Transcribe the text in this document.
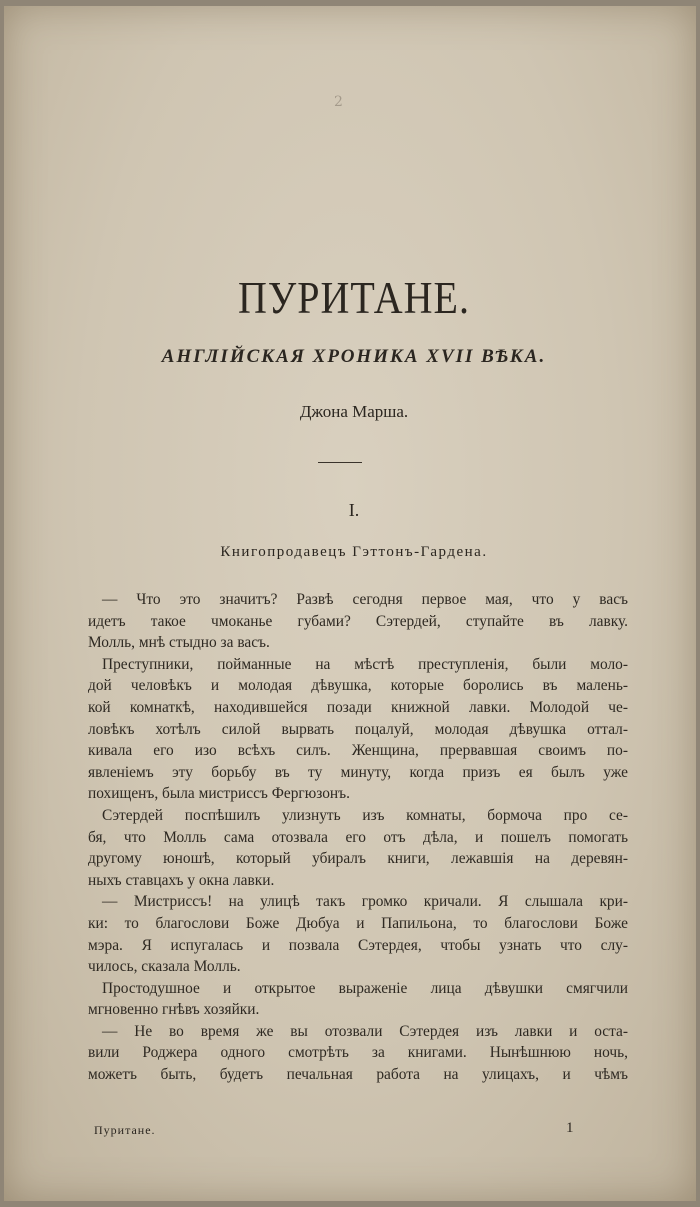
2
ПУРИТАНЕ.
АНГЛІЙСКАЯ ХРОНИКА XVII ВѢКА.
Джона Марша.
I.
Книгопродавецъ Гэттонъ-Гардена.
— Что это значитъ? Развѣ сегодня первое мая, что у васъ
идетъ такое чмоканье губами? Сэтердей, ступайте въ лавку.
Молль, мнѣ стыдно за васъ.
Преступники, пойманные на мѣстѣ преступленія, были моло-
дой человѣкъ и молодая дѣвушка, которые боролись въ малень-
кой комнаткѣ, находившейся позади книжной лавки. Молодой че-
ловѣкъ хотѣлъ силой вырвать поцалуй, молодая дѣвушка оттал-
кивала его изо всѣхъ силъ. Женщина, прервавшая своимъ по-
явленіемъ эту борьбу въ ту минуту, когда призъ ея былъ уже
похищенъ, была мистриссъ Фергюзонъ.
Сэтердей поспѣшилъ улизнуть изъ комнаты, бормоча про се-
бя, что Молль сама отозвала его отъ дѣла, и пошелъ помогать
другому юношѣ, который убиралъ книги, лежавшія на деревян-
ныхъ ставцахъ у окна лавки.
— Мистриссъ! на улицѣ такъ громко кричали. Я слышала кри-
ки: то благослови Боже Дюбуа и Папильона, то благослови Боже
мэра. Я испугалась и позвала Сэтердея, чтобы узнать что слу-
чилось, сказала Молль.
Простодушное и открытое выраженіе лица дѣвушки смягчили
мгновенно гнѣвъ хозяйки.
— Не во время же вы отозвали Сэтердея изъ лавки и оста-
вили Роджера одного смотрѣть за книгами. Нынѣшнюю ночь,
можетъ быть, будетъ печальная работа на улицахъ, и чѣмъ
Пуритане.	1
